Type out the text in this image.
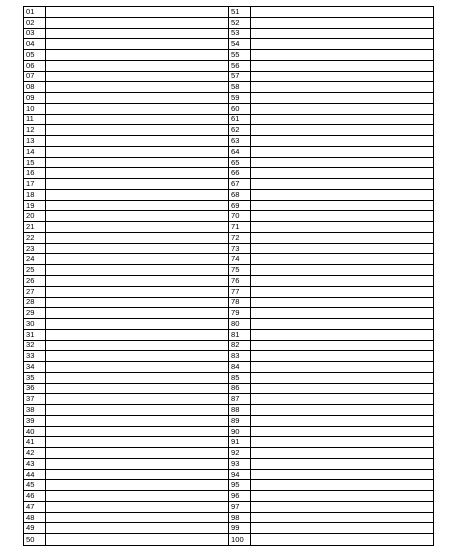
01
02
03
04
05
06
07
08
09
10
11
12
13
14
15
16
17
18
19
20
21
22
23
24
25
26
27
28
29
30
31
32
33
34
35
36
37
38
39
40
41
42
43
44
45
46
47
48
49
50
51
52
53
54
55
56
57
58
59
60
61
62
63
64
65
66
67
68
69
70
71
72
73
74
75
76
77
78
79
80
81
82
83
84
85
86
87
88
89
90
91
92
93
94
95
96
97
98
99
100
